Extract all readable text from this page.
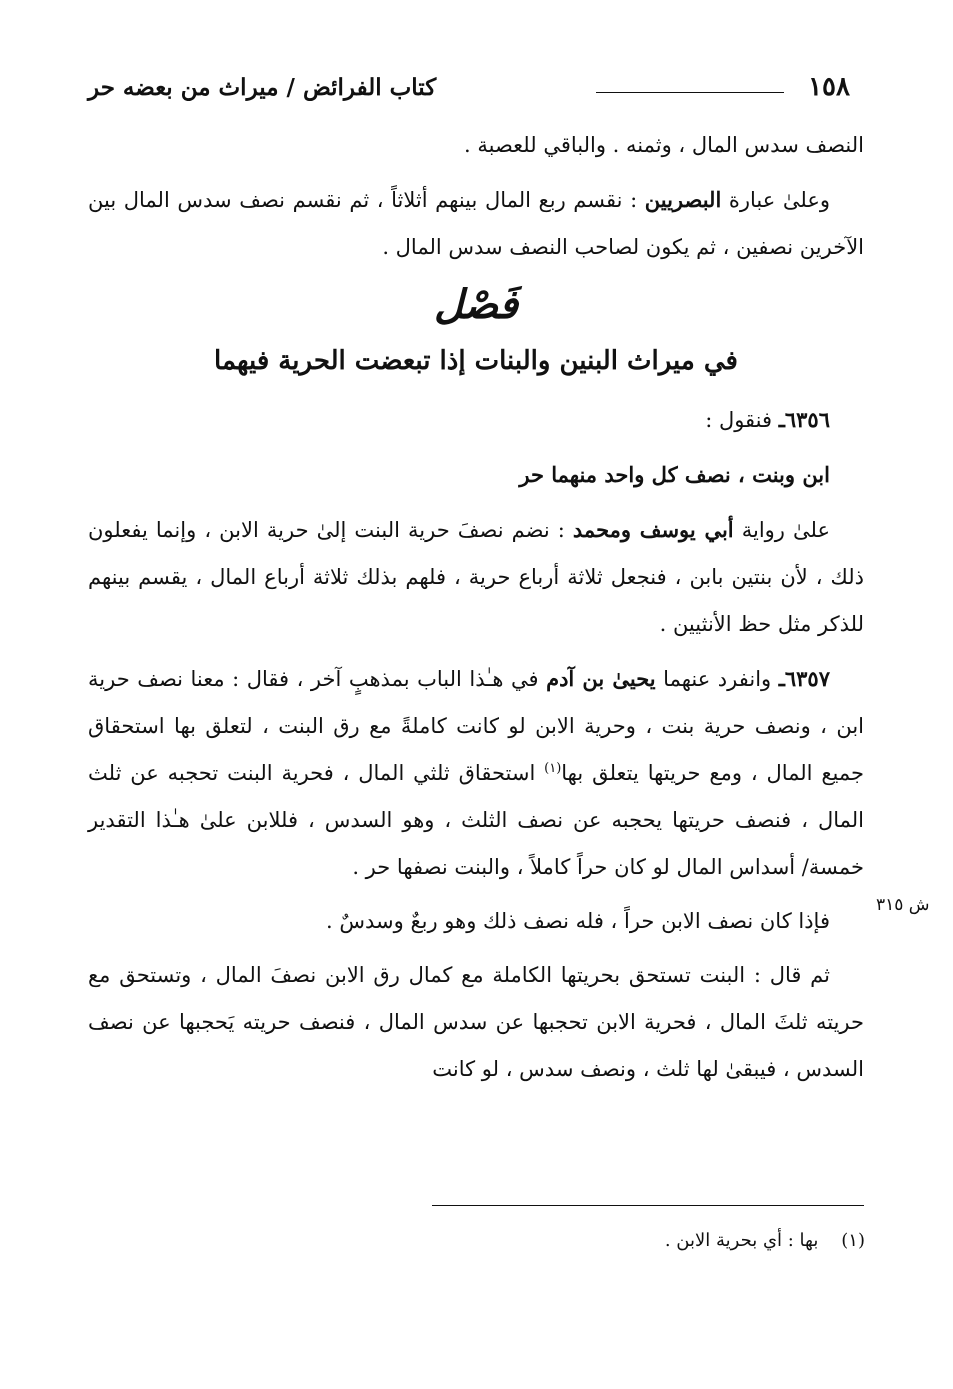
١٥٨
كتاب الفرائض / ميراث من بعضه حر

النصف سدس المال ، وثمنه . والباقي للعصبة .

وعلىٰ عبارة البصريين : نقسم ربع المال بينهم أثلاثاً ، ثم نقسم نصف سدس المال بين الآخرين نصفين ، ثم يكون لصاحب النصف سدس المال .

فَصْل
في ميراث البنين والبنات إذا تبعضت الحرية فيهما

٦٣٥٦ـ فنقول :

ابن وبنت ، نصف كل واحد منهما حر

علىٰ رواية أبي يوسف ومحمد : نضم نصفَ حرية البنت إلىٰ حرية الابن ، وإنما يفعلون ذلك ، لأن بنتين بابن ، فنجعل ثلاثة أرباع حرية ، فلهم بذلك ثلاثة أرباع المال ، يقسم بينهم للذكر مثل حظ الأنثيين .

٦٣٥٧ـ وانفرد عنهما يحيىٰ بن آدم في هـٰذا الباب بمذهبٍ آخر ، فقال : معنا نصف حرية ابن ، ونصف حرية بنت ، وحرية الابن لو كانت كاملةً مع رق البنت ، لتعلق بها استحقاق جميع المال ، ومع حريتها يتعلق بها$^{(١)}$ استحقاق ثلثي المال ، فحرية البنت تحجبه عن ثلث المال ، فنصف حريتها يحجبه عن نصف الثلث ، وهو السدس ، فللابن علىٰ هـٰذا التقدير خمسة/ أسداس المال لو كان حراً كاملاً ، والبنت نصفها حر .

فإذا كان نصف الابن حراً ، فله نصف ذلك وهو ربعٌ وسدسٌ .

ثم قال : البنت تستحق بحريتها الكاملة مع كمال رق الابن نصفَ المال ، وتستحق مع حريته ثلثَ المال ، فحرية الابن تحجبها عن سدس المال ، فنصف حريته يَحجبها عن نصف السدس ، فيبقىٰ لها ثلث ، ونصف سدس ، لو كانت

ش ٣١٥
(١)    بها : أي بحرية الابن .
